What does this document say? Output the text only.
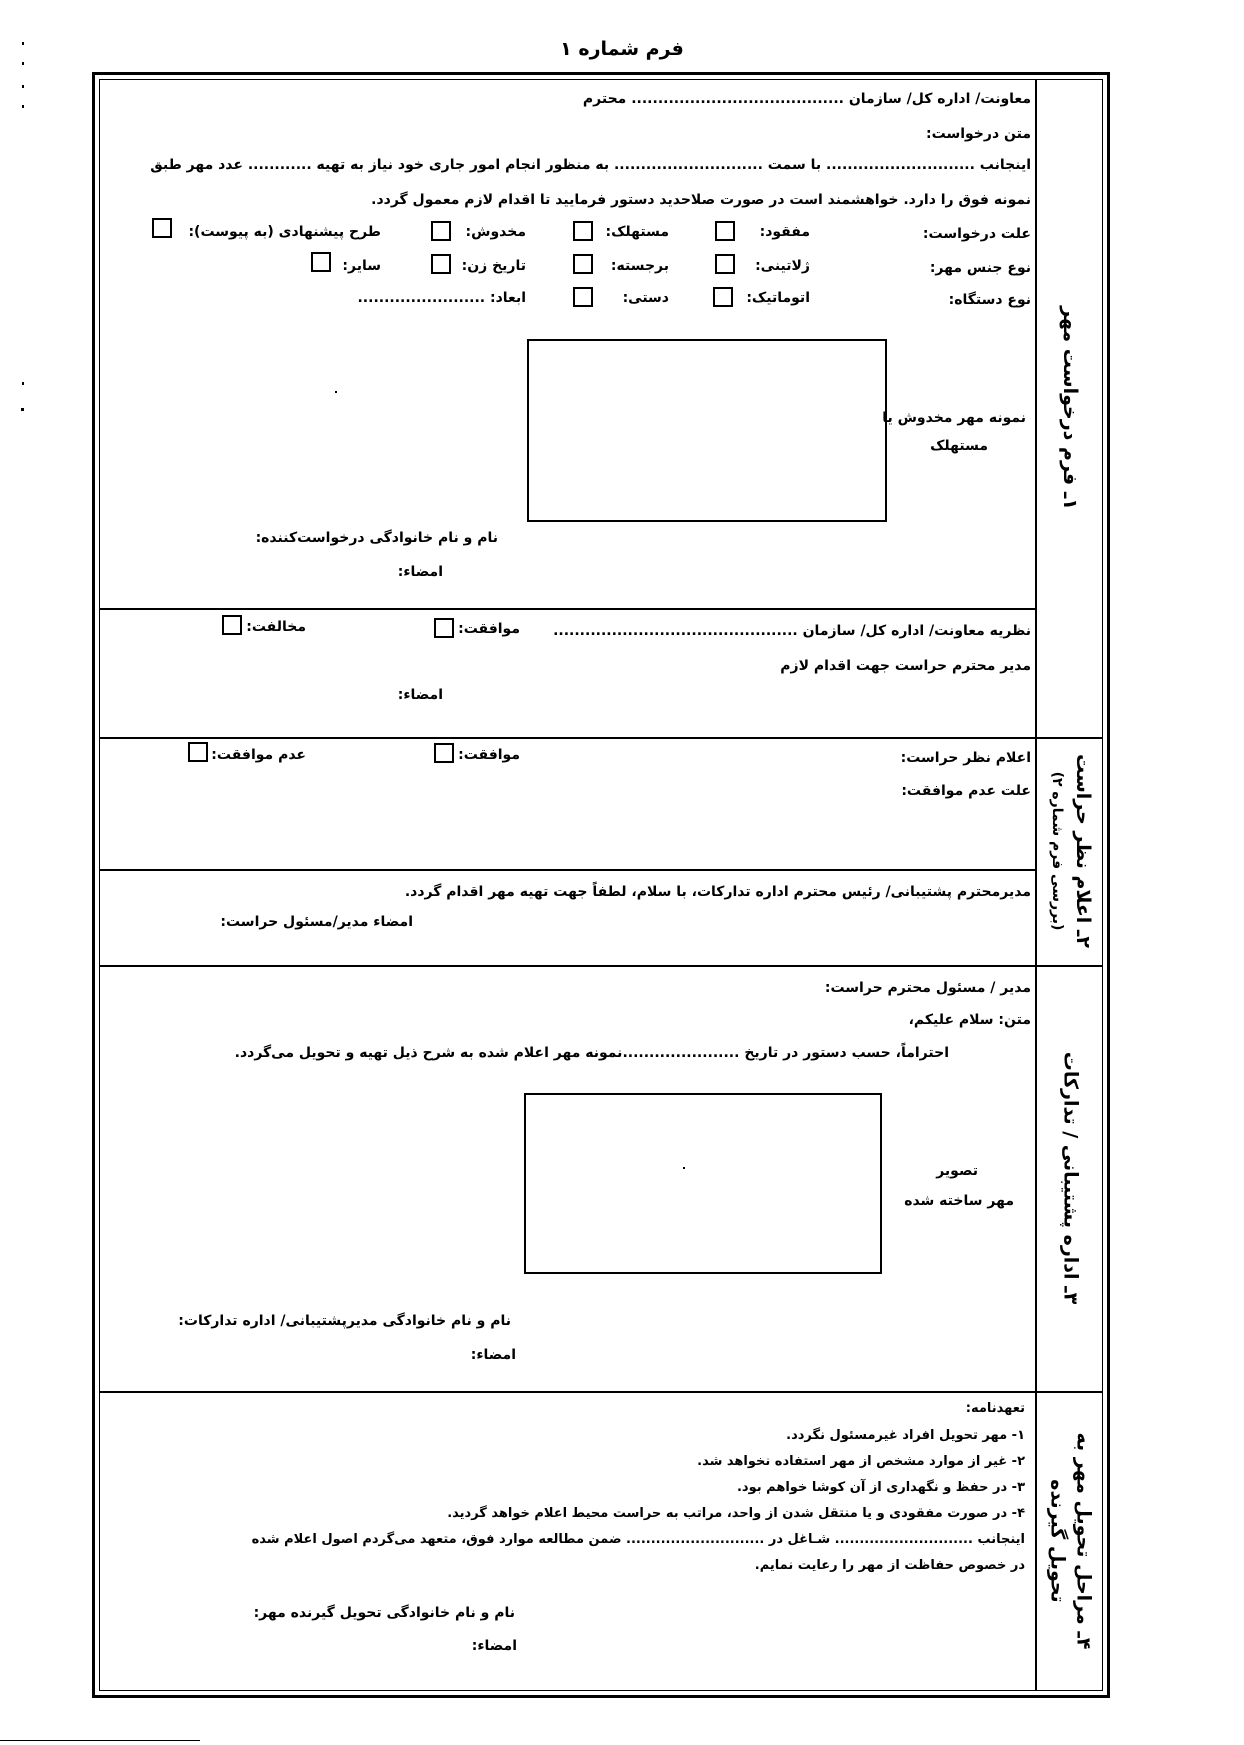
فرم شماره ۱
۱ـ فرم درخواست مهر
۲ـ اعلام نظر حراست
(بررسی فرم شماره ۲)
۳ـ اداره پشتیبانی / تدارکات
۴ـ مراحل تحویل مهر به
تحویل گیرنده
معاونت/ اداره کل/ سازمان ........................................ محترم
متن درخواست:
اینجانب ............................ با سمت ............................ به منظور انجام امور جاری خود نیاز به تهیه ............ عدد مهر طبق
نمونه فوق را دارد. خواهشمند است در صورت صلاحدید دستور فرمایید تا اقدام لازم معمول گردد.
علت درخواست:
مفقود:
مستهلک:
مخدوش:
طرح پیشنهادی (به پیوست):
نوع جنس مهر:
ژلاتینی:
برجسته:
تاریخ زن:
سایر:
نوع دستگاه:
اتوماتیک:
دستی:
ابعاد: ........................
نمونه مهر مخدوش یا
مستهلک
نام و نام خانوادگی درخواست‌کننده:
امضاء:
نظریه معاونت/ اداره کل/ سازمان ..............................................
موافقت:
مخالفت:
مدیر محترم حراست جهت اقدام لازم
امضاء:
اعلام نظر حراست:
موافقت:
عدم موافقت:
علت عدم موافقت:
مدیرمحترم پشتیبانی/ رئیس محترم اداره تدارکات، با سلام، لطفاً جهت تهیه مهر اقدام گردد.
امضاء مدیر/مسئول حراست:
مدیر / مسئول محترم حراست:
متن: سلام علیکم،
احتراماً، حسب دستور در تاریخ ......................نمونه مهر اعلام شده به شرح ذیل تهیه و تحویل می‌گردد.
تصویر
مهر ساخته شده
نام و نام خانوادگی مدیرپشتیبانی/ اداره تدارکات:
امضاء:
تعهدنامه:
۱- مهر تحویل افراد غیرمسئول نگردد.
۲- غیر از موارد مشخص از مهر استفاده نخواهد شد.
۳- در حفظ و نگهداری از آن کوشا خواهم بود.
۴- در صورت مفقودی و یا منتقل شدن از واحد، مراتب به حراست محیط اعلام خواهد گردید.
اینجانب ............................ شـاغل در ............................ ضمن مطالعه موارد فوق، متعهد می‌گردم اصول اعلام شده
در خصوص حفاظت از مهر را رعایت نمایم.
نام و نام خانوادگی تحویل گیرنده مهر:
امضاء:
